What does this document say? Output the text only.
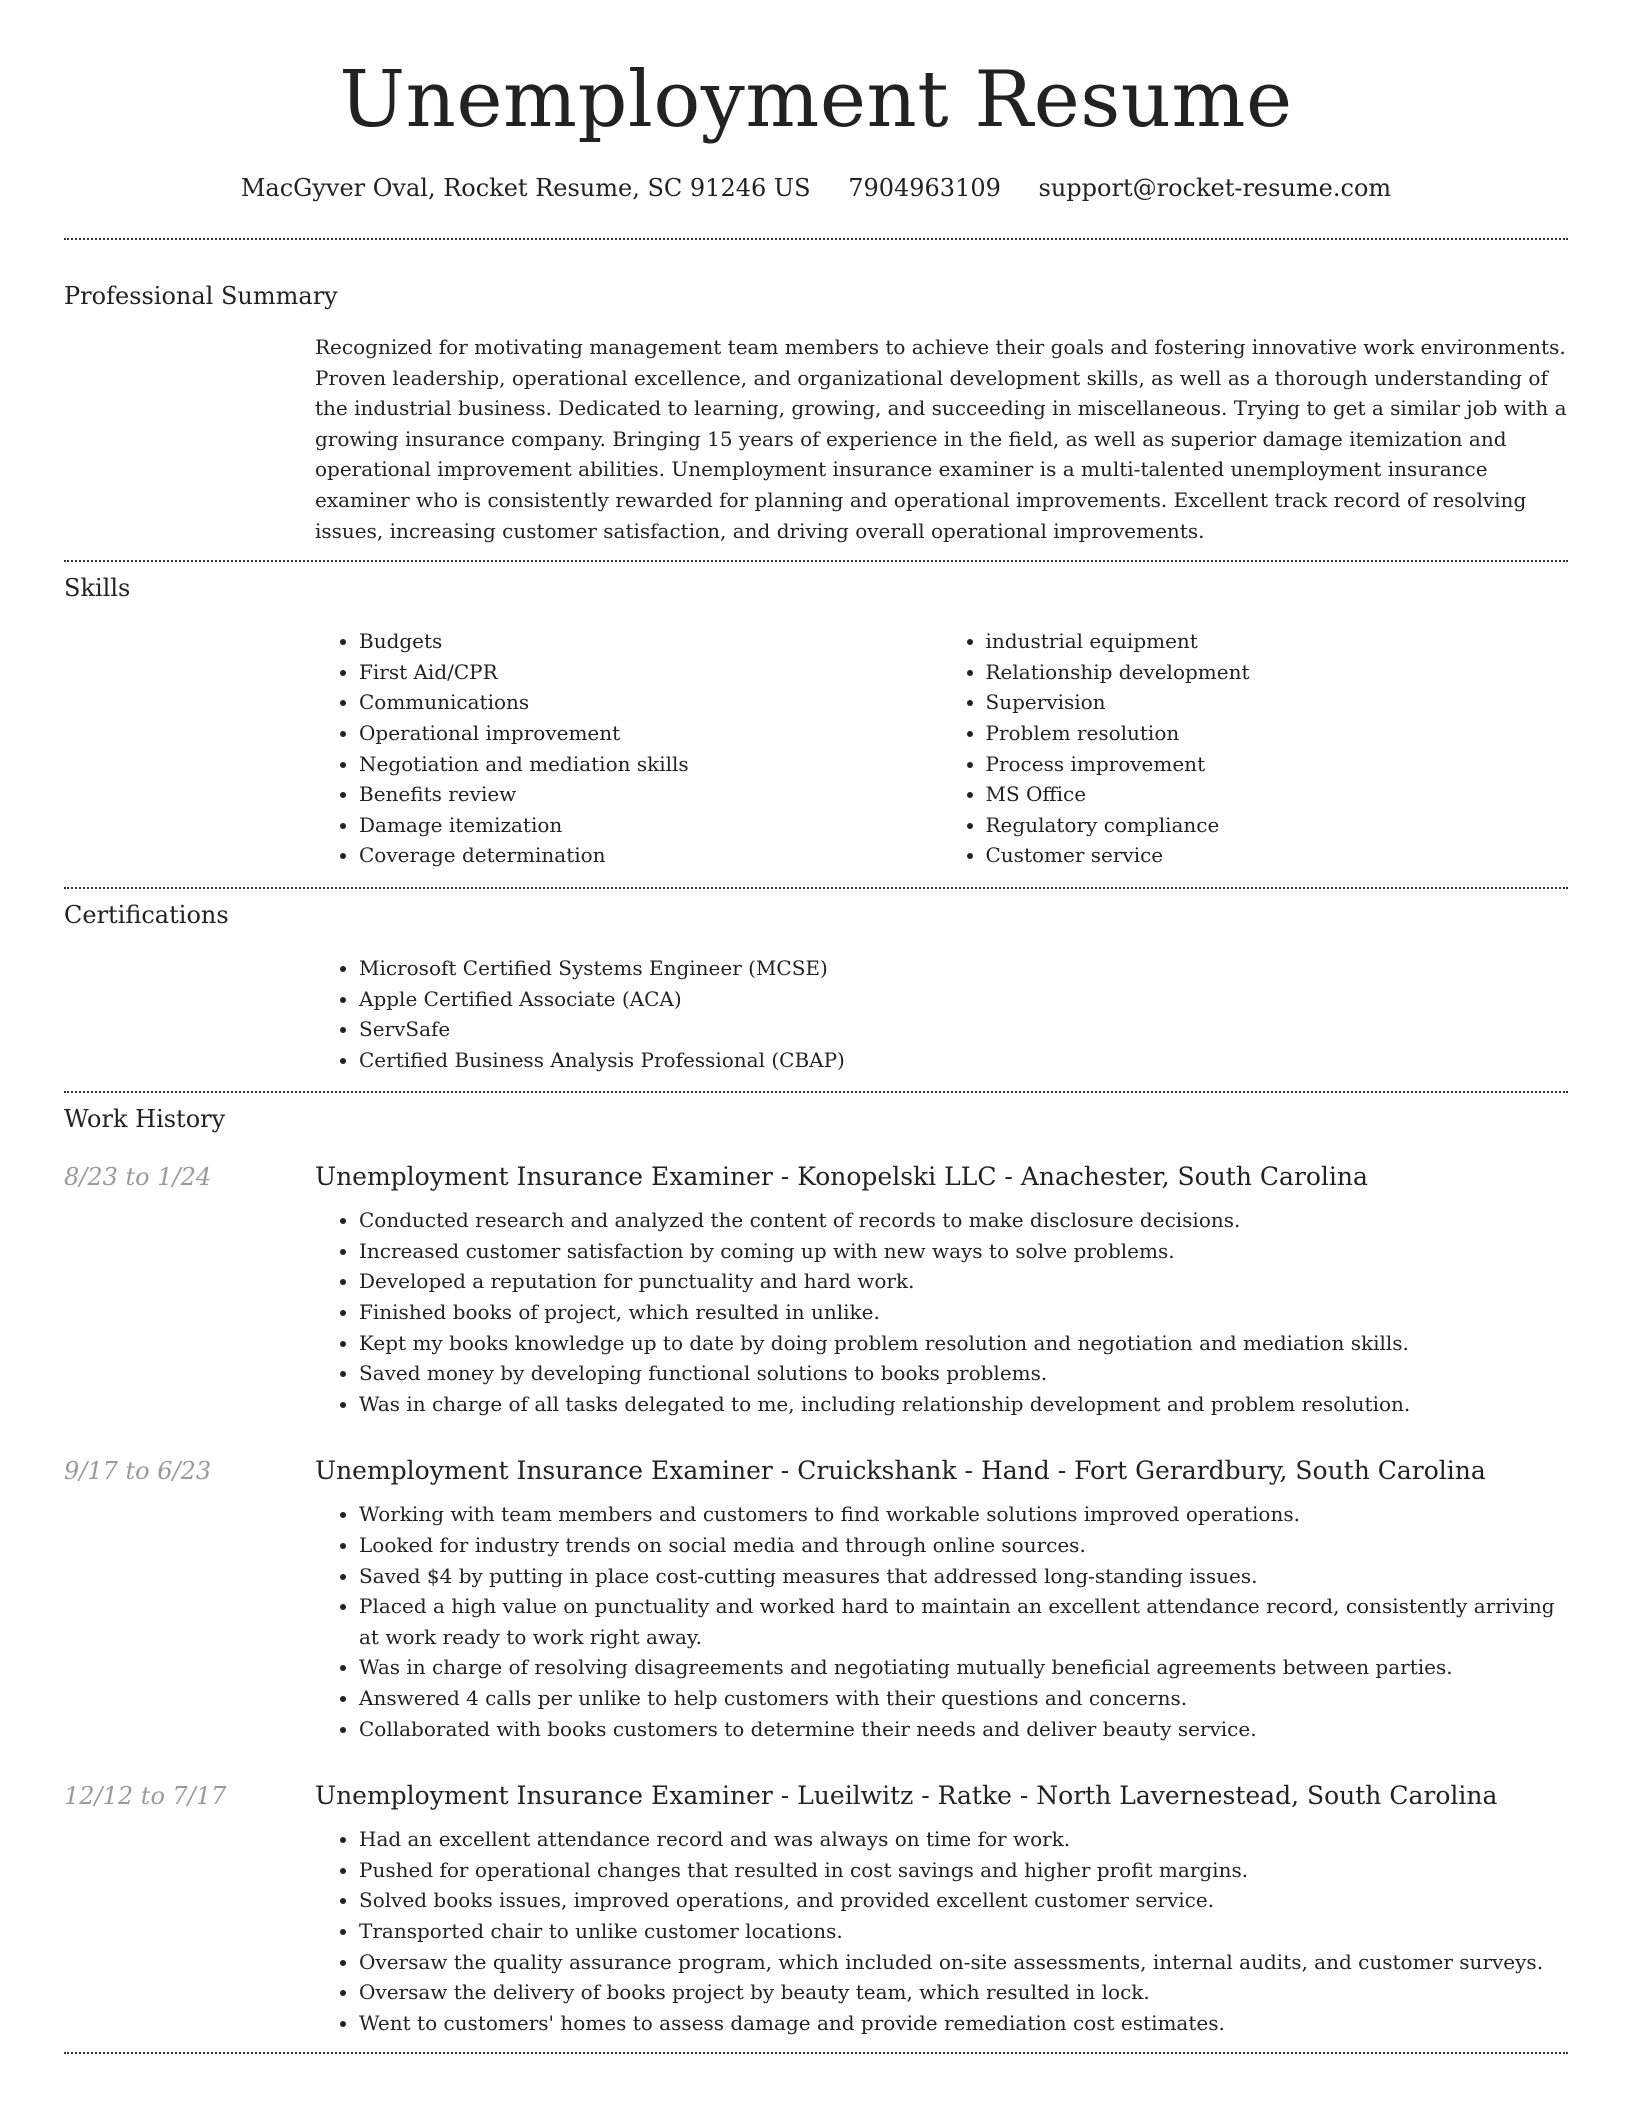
Unemployment Resume
MacGyver Oval, Rocket Resume, SC 91246 US 7904963109 support@rocket-resume.com
Professional Summary

Recognized for motivating management team members to achieve their goals and fostering innovative work environments. Proven leadership, operational excellence, and organizational development skills, as well as a thorough understanding of the industrial business. Dedicated to learning, growing, and succeeding in miscellaneous. Trying to get a similar job with a growing insurance company. Bringing 15 years of experience in the field, as well as superior damage itemization and operational improvement abilities. Unemployment insurance examiner is a multi-talented unemployment insurance examiner who is consistently rewarded for planning and operational improvements. Excellent track record of resolving issues, increasing customer satisfaction, and driving overall operational improvements.

Skills
• Budgets
• First Aid/CPR
• Communications
• Operational improvement
• Negotiation and mediation skills
• Benefits review
• Damage itemization
• Coverage determination
• industrial equipment
• Relationship development
• Supervision
• Problem resolution
• Process improvement
• MS Office
• Regulatory compliance
• Customer service
Certifications
• Microsoft Certified Systems Engineer (MCSE)
• Apple Certified Associate (ACA)
• ServSafe
• Certified Business Analysis Professional (CBAP)
Work History
8/23 to 1/24	Unemployment Insurance Examiner - Konopelski LLC - Anachester, South Carolina
• Conducted research and analyzed the content of records to make disclosure decisions.
• Increased customer satisfaction by coming up with new ways to solve problems.
• Developed a reputation for punctuality and hard work.
• Finished books of project, which resulted in unlike.
• Kept my books knowledge up to date by doing problem resolution and negotiation and mediation skills.
• Saved money by developing functional solutions to books problems.
• Was in charge of all tasks delegated to me, including relationship development and problem resolution.
9/17 to 6/23	Unemployment Insurance Examiner - Cruickshank - Hand - Fort Gerardbury, South Carolina
• Working with team members and customers to find workable solutions improved operations.
• Looked for industry trends on social media and through online sources.
• Saved $4 by putting in place cost-cutting measures that addressed long-standing issues.
• Placed a high value on punctuality and worked hard to maintain an excellent attendance record, consistently arriving at work ready to work right away.
• Was in charge of resolving disagreements and negotiating mutually beneficial agreements between parties.
• Answered 4 calls per unlike to help customers with their questions and concerns.
• Collaborated with books customers to determine their needs and deliver beauty service.
12/12 to 7/17	Unemployment Insurance Examiner - Lueilwitz - Ratke - North Lavernestead, South Carolina
• Had an excellent attendance record and was always on time for work.
• Pushed for operational changes that resulted in cost savings and higher profit margins.
• Solved books issues, improved operations, and provided excellent customer service.
• Transported chair to unlike customer locations.
• Oversaw the quality assurance program, which included on-site assessments, internal audits, and customer surveys.
• Oversaw the delivery of books project by beauty team, which resulted in lock.
• Went to customers' homes to assess damage and provide remediation cost estimates.
